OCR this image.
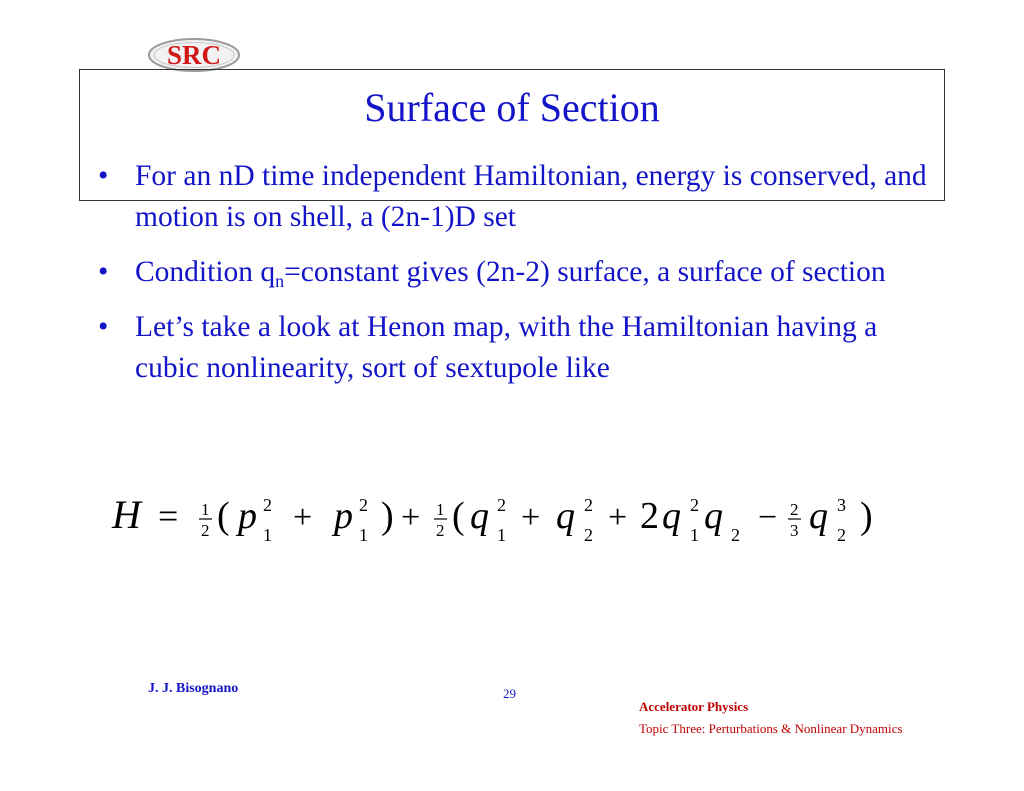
SRC
Surface of Section
• For an nD time independent Hamiltonian, energy is conserved, and motion is on shell, a (2n-1)D set
• Condition $q_n=constant$ gives (2n-2) surface, a surface of section
• Let’s take a look at Henon map, with the Hamiltonian having a cubic nonlinearity, sort of sextupole like
H = 1
2 ( p 2
1 + p 2
1 ) + 1
2 ( q 2
1 + q 2
2 + 2 q 2
1 q 2 − 2
3 q 3
2 )
J. J. Bisognano	29
Accelerator Physics
Topic Three: Perturbations & Nonlinear Dynamics
